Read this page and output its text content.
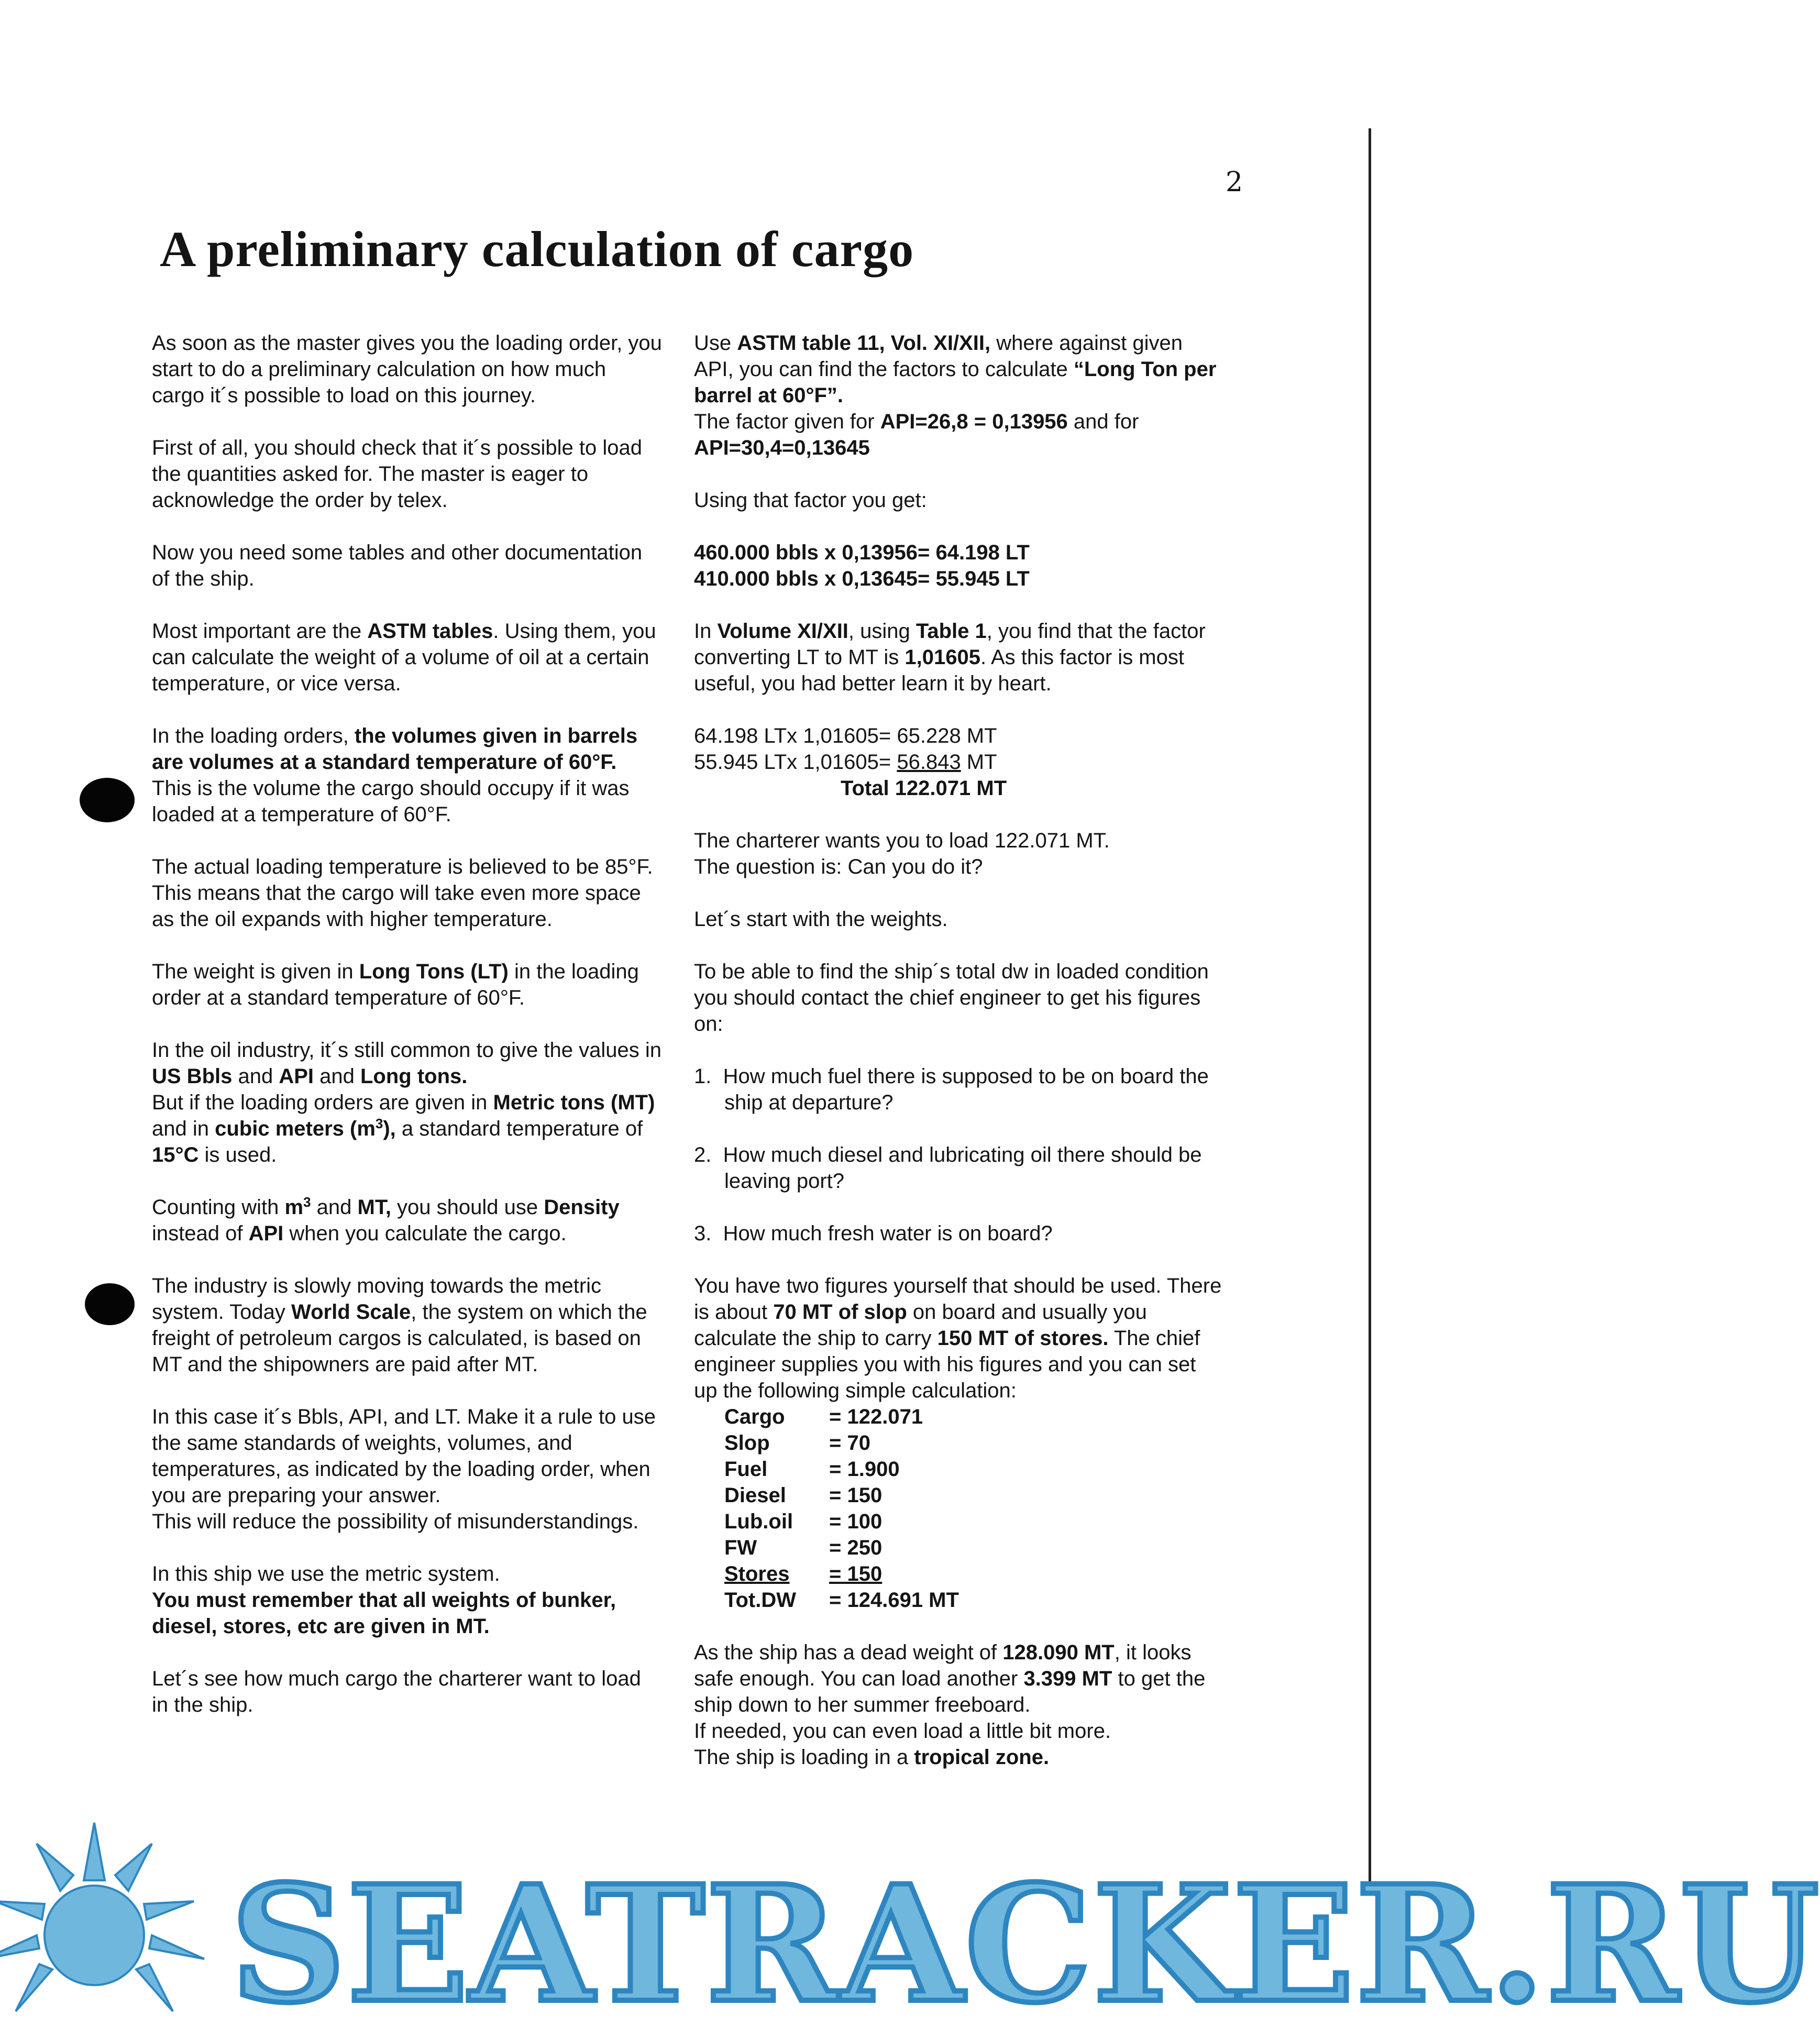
2
A preliminary calculation of cargo

As soon as the master gives you the loading order, you start to do a preliminary calculation on how much cargo it´s possible to load on this journey.

First of all, you should check that it´s possible to load the quantities asked for. The master is eager to acknowledge the order by telex.

Now you need some tables and other documentation of the ship.

Most important are the ASTM tables. Using them, you can calculate the weight of a volume of oil at a certain temperature, or vice versa.

In the loading orders, the volumes given in barrels are volumes at a standard temperature of 60°F.
This is the volume the cargo should occupy if it was loaded at a temperature of 60°F.

The actual loading temperature is believed to be 85°F. This means that the cargo will take even more space as the oil expands with higher temperature.

The weight is given in Long Tons (LT) in the loading order at a standard temperature of 60°F.

In the oil industry, it´s still common to give the values in US Bbls and API and Long tons.
But if the loading orders are given in Metric tons (MT) and in cubic meters $(m^3)$, a standard temperature of 15°C is used.

Counting with $m^3$ and MT, you should use Density instead of API when you calculate the cargo.

The industry is slowly moving towards the metric system. Today World Scale, the system on which the freight of petroleum cargos is calculated, is based on MT and the shipowners are paid after MT.

In this case it´s Bbls, API, and LT. Make it a rule to use the same standards of weights, volumes, and temperatures, as indicated by the loading order, when you are preparing your answer.
This will reduce the possibility of misunderstandings.

In this ship we use the metric system.
You must remember that all weights of bunker, diesel, stores, etc are given in MT.

Let´s see how much cargo the charterer want to load in the ship.

Use ASTM table 11, Vol. XI/XII, where against given API, you can find the factors to calculate “Long Ton per barrel at 60°F”.
The factor given for API=26,8 = 0,13956 and for API=30,4=0,13645

Using that factor you get:

460.000 bbls x 0,13956= 64.198 LT
410.000 bbls x 0,13645= 55.945 LT

In Volume XI/XII, using Table 1, you find that the factor converting LT to MT is 1,01605. As this factor is most useful, you had better learn it by heart.

64.198 LTx 1,01605= 65.228 MT
55.945 LTx 1,01605= 56.843 MT

Total 122.071 MT

The charterer wants you to load 122.071 MT.
The question is: Can you do it?

Let´s start with the weights.

To be able to find the ship´s total dw in loaded condition you should contact the chief engineer to get his figures on:

1. How much fuel there is supposed to be on board the ship at departure?
2. How much diesel and lubricating oil there should be leaving port?
3. How much fresh water is on board?

You have two figures yourself that should be used. There is about 70 MT of slop on board and usually you calculate the ship to carry 150 MT of stores. The chief engineer supplies you with his figures and you can set up the following simple calculation:

Cargo	= 122.071
Slop	= 70
Fuel	= 1.900
Diesel	= 150
Lub.oil	= 100
FW	= 250
Stores	= 150
Tot.DW	= 124.691 MT

As the ship has a dead weight of 128.090 MT, it looks safe enough. You can load another 3.399 MT to get the ship down to her summer freeboard.
If needed, you can even load a little bit more.
The ship is loading in a tropical zone.

SEATRACKER.RU
